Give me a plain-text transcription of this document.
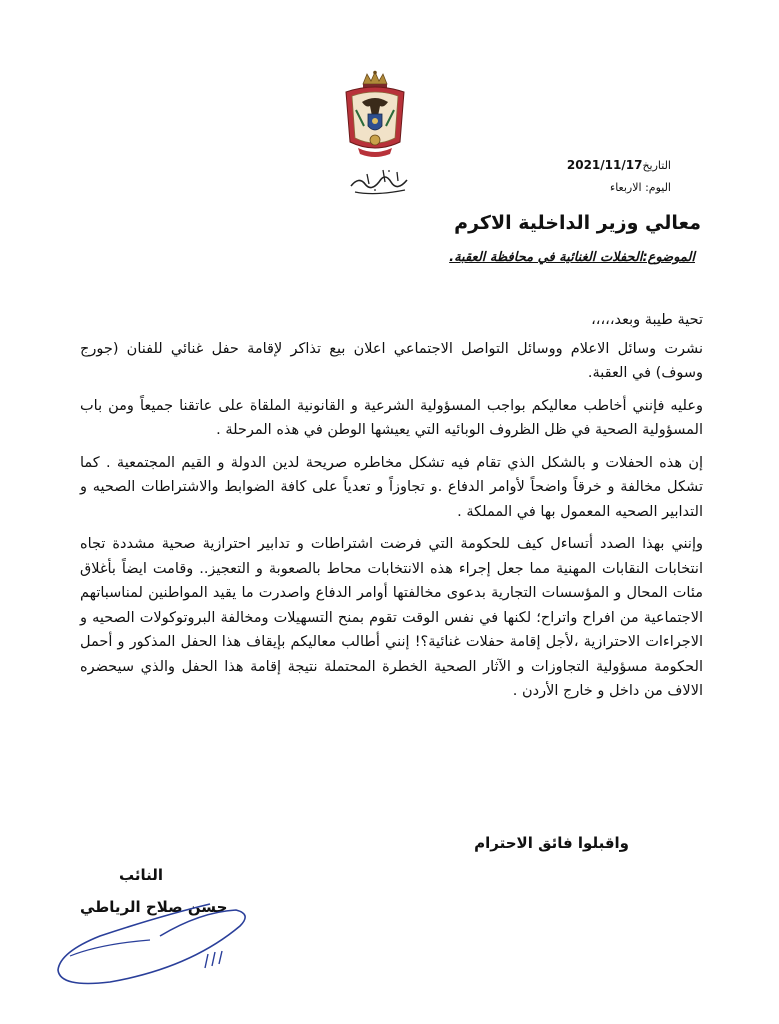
التاريخ2021/11/17
اليوم: الاربعاء
معالي وزير الداخلية الاكرم
الموضوع:الحفلات الغنائية في محافظة العقبة.

تحية طيبة وبعد،،،،،

نشرت وسائل الاعلام ووسائل التواصل الاجتماعي اعلان بيع تذاكر لإقامة حفل غنائي للفنان (جورج وسوف) في العقبة.

وعليه فإنني أخاطب معاليكم بواجب المسؤولية الشرعية و القانونية الملقاة على عاتقنا جميعاً ومن باب المسؤولية الصحية في ظل الظروف الوبائيه التي يعيشها الوطن في هذه المرحلة .

إن هذه الحفلات و بالشكل الذي تقام فيه تشكل مخاطره صريحة لدين الدولة و القيم المجتمعية . كما تشكل مخالفة و خرقاً واضحاً لأوامر الدفاع .و تجاوزاً و تعدياً على كافة الضوابط والاشتراطات الصحيه و التدابير الصحيه المعمول بها في المملكة .

وإنني بهذا الصدد أتساءل كيف للحكومة التي فرضت اشتراطات و تدابير احترازية صحية مشددة تجاه انتخابات النقابات المهنية مما جعل إجراء هذه الانتخابات محاط بالصعوبة و التعجيز.. وقامت ايضاً بأغلاق مئات المحال و المؤسسات التجارية بدعوى مخالفتها أوامر الدفاع واصدرت ما يقيد المواطنين لمناسباتهم الاجتماعية من افراح واتراح؛ لكنها في نفس الوقت تقوم بمنح التسهيلات ومخالفة البروتوكولات الصحيه و الاجراءات الاحترازية ،لأجل إقامة حفلات غنائية؟! إنني أطالب معاليكم بإيقاف هذا الحفل المذكور و أحمل الحكومة مسؤولية التجاوزات و الآثار الصحية الخطرة المحتملة نتيجة إقامة هذا الحفل والذي سيحضره الالاف من داخل و خارج الأردن .

واقبلوا فائق الاحترام
النائب
حسن صلاح الرياطي
